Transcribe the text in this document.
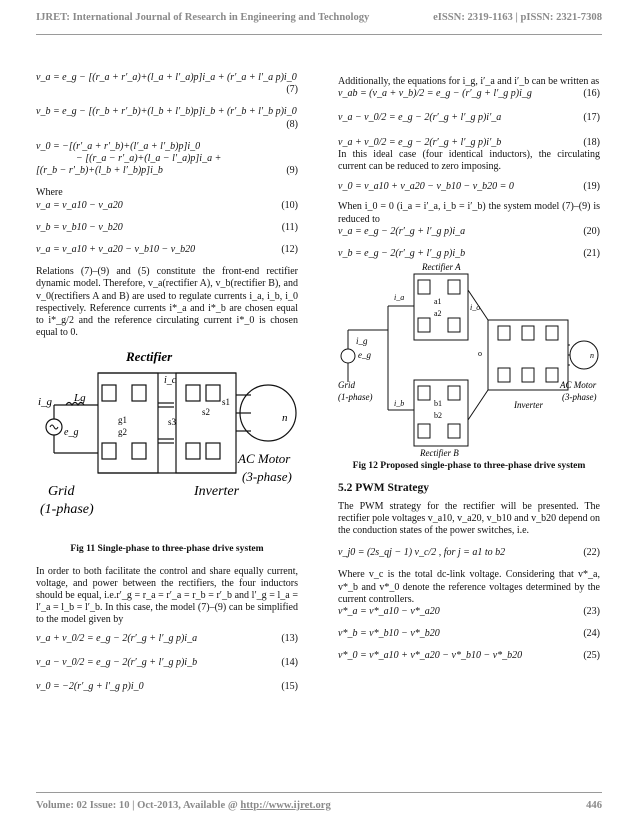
IJRET: International Journal of Research in Engineering and Technology	eISSN: 2319-1163 | pISSN: 2321-7308
v_a = e_g − [(r_a + r′_a)+(l_a + l′_a)p]i_a + (r′_a + l′_a p)i_0
(7)
v_b = e_g − [(r_b + r′_b)+(l_b + l′_b)p]i_b + (r′_b + l′_b p)i_0
(8)
v_0 = −[(r′_a + r′_b)+(l′_a + l′_b)p]i_0
− [(r_a − r′_a)+(l_a − l′_a)p]i_a +
[(r_b − r′_b)+(l_b + l′_b)p]i_b	(9)
Where
v_a = v_a10 − v_a20	(10)
v_b = v_b10 − v_b20	(11)
v_a = v_a10 + v_a20 − v_b10 − v_b20	(12)

Relations (7)–(9) and (5) constitute the front-end rectifier dynamic model. Therefore, v_a(rectifier A), v_b(rectifier B), and v_0(rectifiers A and B) are used to regulate currents i_a, i_b, i_0 respectively. Reference currents i*_a and i*_b are chosen equal to i*_g/2 and the reference circulating current i*_0 is chosen equal to 0.

Rectifier
i_g Lg
e_g
i_c
g1
g2
s3
s2
s1
n
Grid
(1-phase)
AC Motor
(3-phase)
Inverter
Fig 11 Single-phase to three-phase drive system

In order to both facilitate the control and share equally current, voltage, and power between the rectifiers, the four inductors should be equal, i.e.r′_g = r_a = r′_a = r_b = r′_b and l′_g = l_a = l′_a = l_b = l′_b. In this case, the model (7)–(9) can be simplified to the model given by

v_a + v_0/2 = e_g − 2(r′_g + l′_g p)i_a	(13)
v_a − v_0/2 = e_g − 2(r′_g + l′_g p)i_b	(14)
v_0 = −2(r′_g + l′_g p)i_0	(15)

Additionally, the equations for i_g, i′_a and i′_b can be written as

v_ab = (v_a + v_b)/2 = e_g − (r′_g + l′_g p)i_g	(16)
v_a − v_0/2 = e_g − 2(r′_g + l′_g p)i′_a	(17)
v_a + v_0/2 = e_g − 2(r′_g + l′_g p)i′_b	(18)

In this ideal case (four identical inductors), the circulating current can be reduced to zero imposing.

v_0 = v_a10 + v_a20 − v_b10 − v_b20 = 0	(19)

When i_0 = 0 (i_a = i′_a, i_b = i′_b) the system model (7)–(9) is reduced to

v_a = e_g − 2(r′_g + l′_g p)i_a	(20)
v_b = e_g − 2(r′_g + l′_g p)i_b	(21)
Rectifier A
Rectifier B
Inverter
Grid
(1-phase)
AC Motor
(3-phase)
e_g
i_g
i_a
i_b
i_o
a1
a2
b1
b2
o	n
Fig 12 Proposed single-phase to three-phase drive system
5.2 PWM Strategy

The PWM strategy for the rectifier will be presented. The rectifier pole voltages v_a10, v_a20, v_b10 and v_b20 depend on the conduction states of the power switches, i.e.

v_j0 = (2s_qj − 1) v_c/2 , for j = a1 to b2	(22)

Where v_c is the total dc-link voltage. Considering that v*_a, v*_b and v*_0 denote the reference voltages determined by the current controllers.

v*_a = v*_a10 − v*_a20	(23)
v*_b = v*_b10 − v*_b20	(24)
v*_0 = v*_a10 + v*_a20 − v*_b10 − v*_b20	(25)
Volume: 02 Issue: 10 | Oct-2013, Available @ http://www.ijret.org	446
